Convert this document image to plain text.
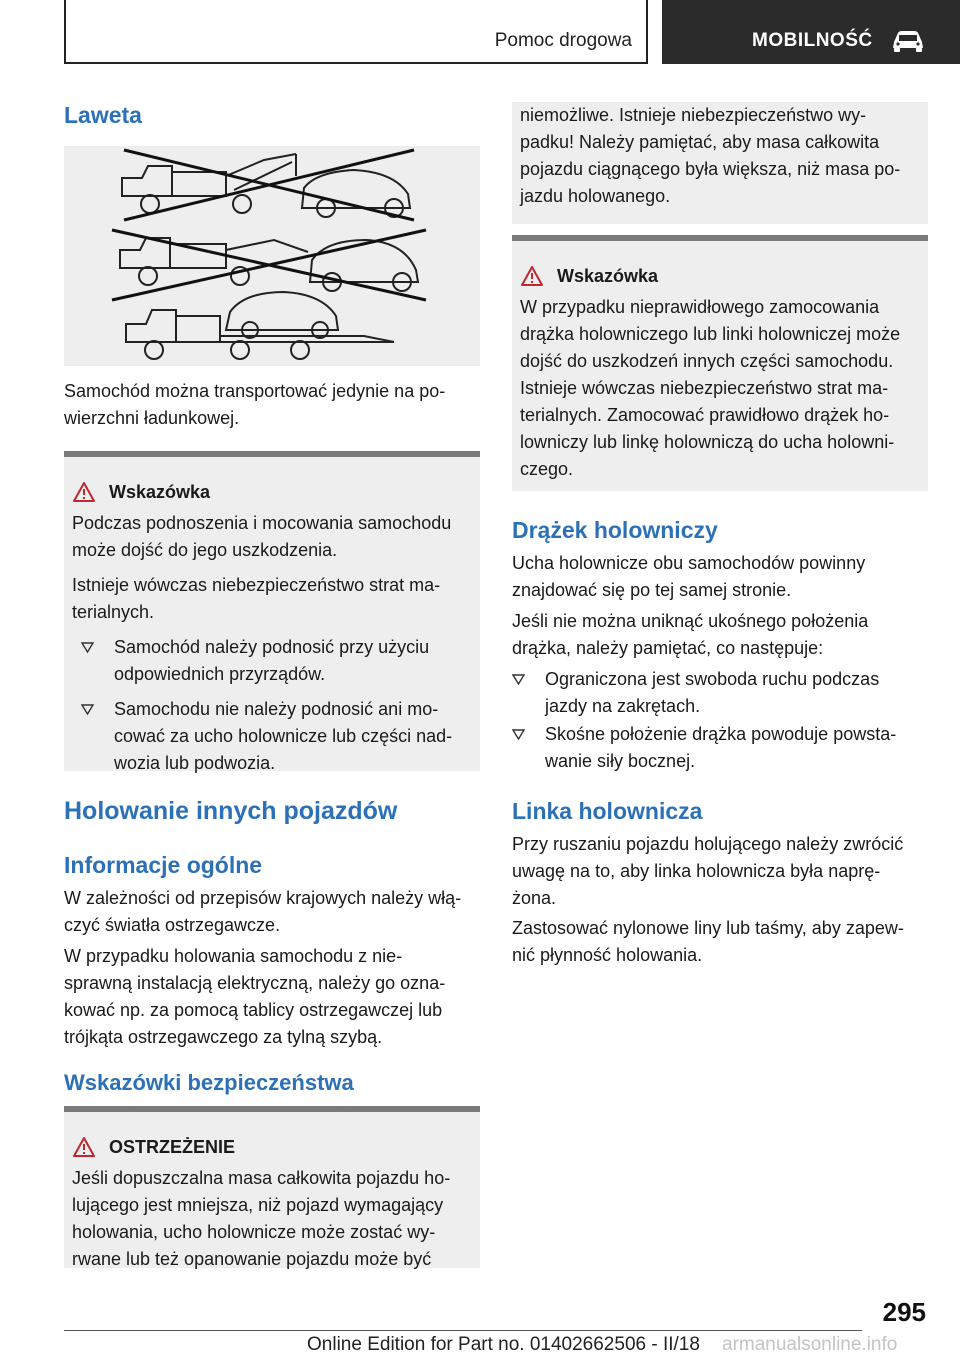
Pomoc drogowa	MOBILNOŚĆ
Laweta

Samochód można transportować jedynie na po-
wierzchni ładunkowej.

Wskazówka

Podczas podnoszenia i mocowania samochodu
może dojść do jego uszkodzenia.

Istnieje wówczas niebezpieczeństwo strat ma-
terialnych.

Samochód należy podnosić przy użyciu
odpowiednich przyrządów.

Samochodu nie należy podnosić ani mo-
cować za ucho holownicze lub części nad-
wozia lub podwozia.

Holowanie innych pojazdów
Informacje ogólne

W zależności od przepisów krajowych należy włą-
czyć światła ostrzegawcze.

W przypadku holowania samochodu z nie-
sprawną instalacją elektryczną, należy go ozna-
kować np. za pomocą tablicy ostrzegawczej lub
trójkąta ostrzegawczego za tylną szybą.

Wskazówki bezpieczeństwa
OSTRZEŻENIE

Jeśli dopuszczalna masa całkowita pojazdu ho-
lującego jest mniejsza, niż pojazd wymagający
holowania, ucho holownicze może zostać wy-
rwane lub też opanowanie pojazdu może być

niemożliwe. Istnieje niebezpieczeństwo wy-
padku! Należy pamiętać, aby masa całkowita
pojazdu ciągnącego była większa, niż masa po-
jazdu holowanego.

Wskazówka

W przypadku nieprawidłowego zamocowania
drążka holowniczego lub linki holowniczej może
dojść do uszkodzeń innych części samochodu.
Istnieje wówczas niebezpieczeństwo strat ma-
terialnych. Zamocować prawidłowo drążek ho-
lowniczy lub linkę holowniczą do ucha holowni-
czego.

Drążek holowniczy

Ucha holownicze obu samochodów powinny
znajdować się po tej samej stronie.

Jeśli nie można uniknąć ukośnego położenia
drążka, należy pamiętać, co następuje:

Ograniczona jest swoboda ruchu podczas
jazdy na zakrętach.

Skośne położenie drążka powoduje powsta-
wanie siły bocznej.

Linka holownicza

Przy ruszaniu pojazdu holującego należy zwrócić
uwagę na to, aby linka holownicza była naprę-
żona.

Zastosować nylonowe liny lub taśmy, aby zapew-
nić płynność holowania.

295
Online Edition for Part no. 01402662506 - II/18 armanualsonline.info
